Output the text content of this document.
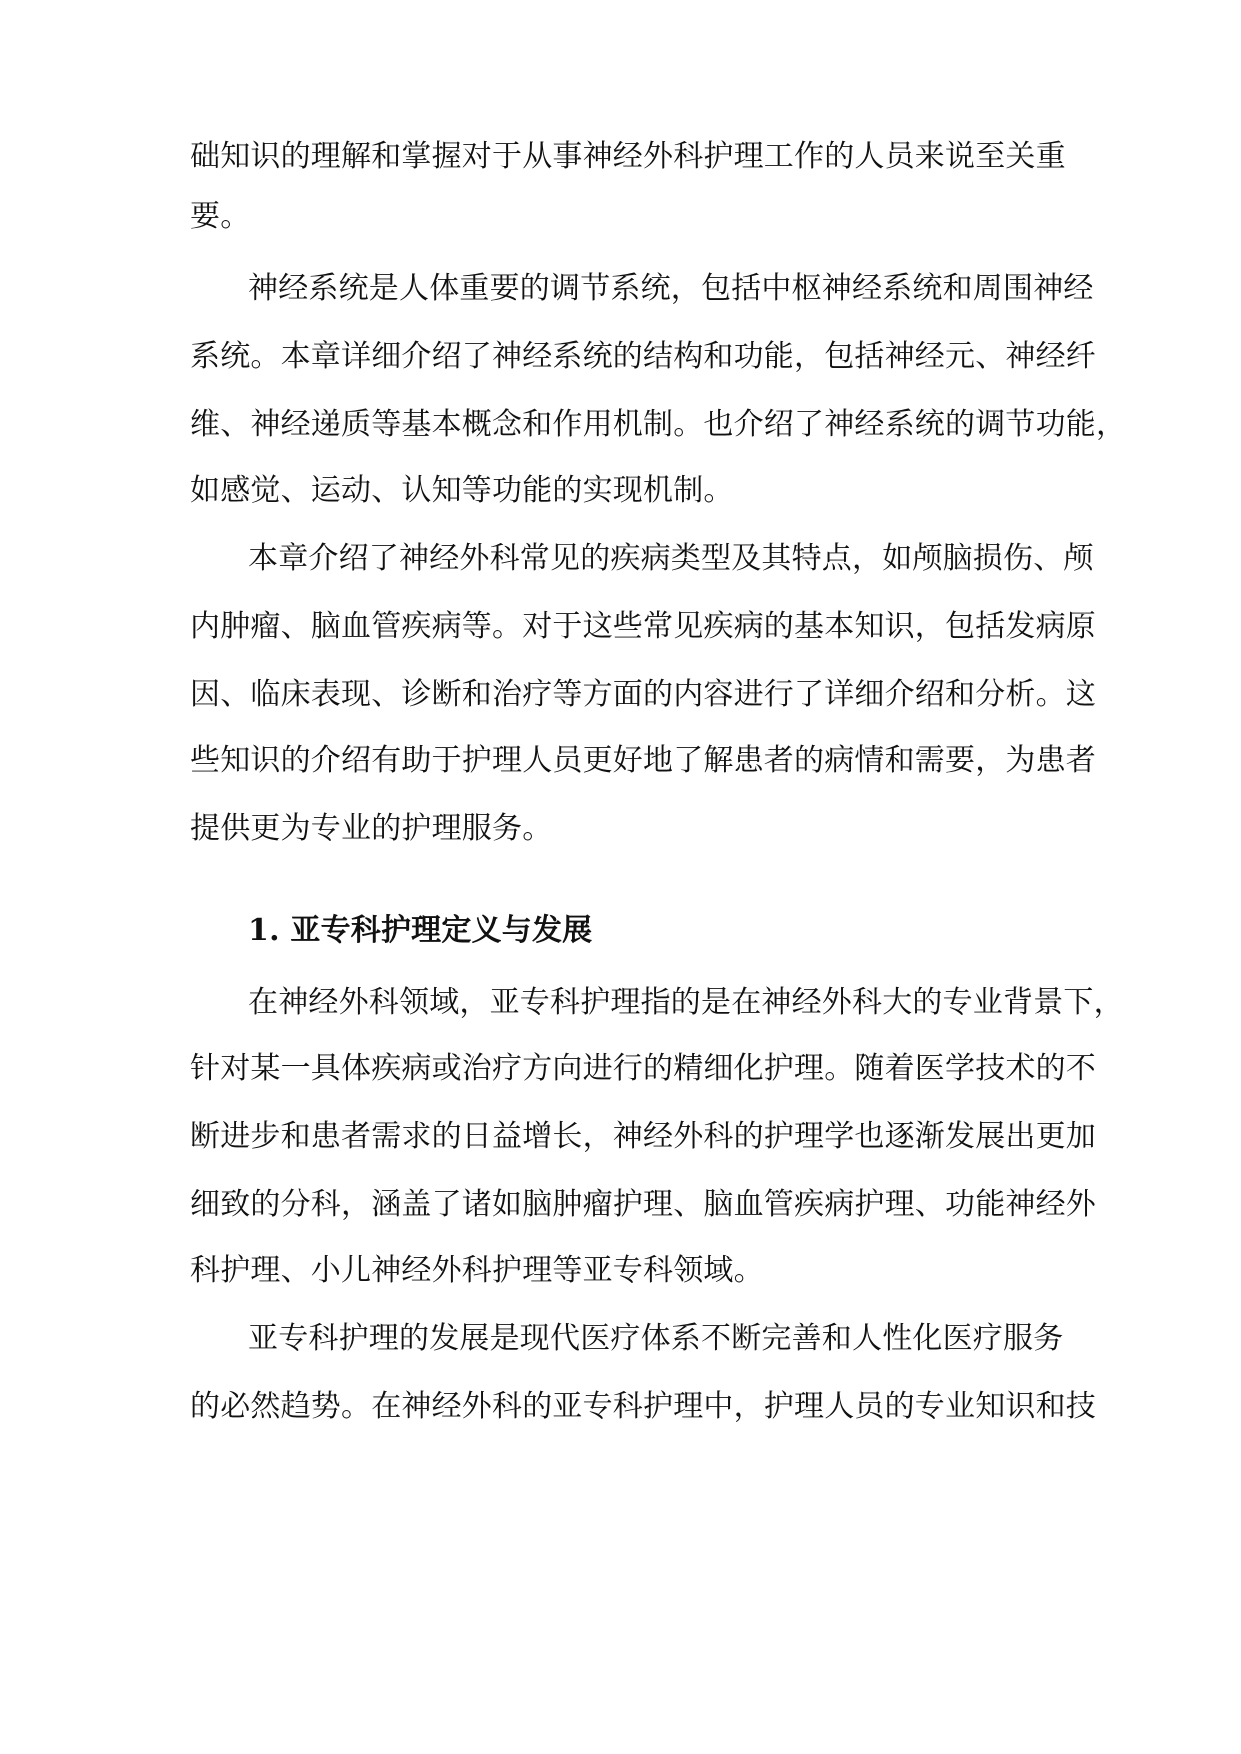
础知识的理解和掌握对于从事神经外科护理工作的人员来说至关重
要。
神经系统是人体重要的调节系统，包括中枢神经系统和周围神经
系统。本章详细介绍了神经系统的结构和功能，包括神经元、神经纤
维、神经递质等基本概念和作用机制。也介绍了神经系统的调节功能，
如感觉、运动、认知等功能的实现机制。
本章介绍了神经外科常见的疾病类型及其特点，如颅脑损伤、颅
内肿瘤、脑血管疾病等。对于这些常见疾病的基本知识，包括发病原
因、临床表现、诊断和治疗等方面的内容进行了详细介绍和分析。这
些知识的介绍有助于护理人员更好地了解患者的病情和需要，为患者
提供更为专业的护理服务。
1. 亚专科护理定义与发展
在神经外科领域，亚专科护理指的是在神经外科大的专业背景下，
针对某一具体疾病或治疗方向进行的精细化护理。随着医学技术的不
断进步和患者需求的日益增长，神经外科的护理学也逐渐发展出更加
细致的分科，涵盖了诸如脑肿瘤护理、脑血管疾病护理、功能神经外
科护理、小儿神经外科护理等亚专科领域。
亚专科护理的发展是现代医疗体系不断完善和人性化医疗服务
的必然趋势。在神经外科的亚专科护理中，护理人员的专业知识和技
